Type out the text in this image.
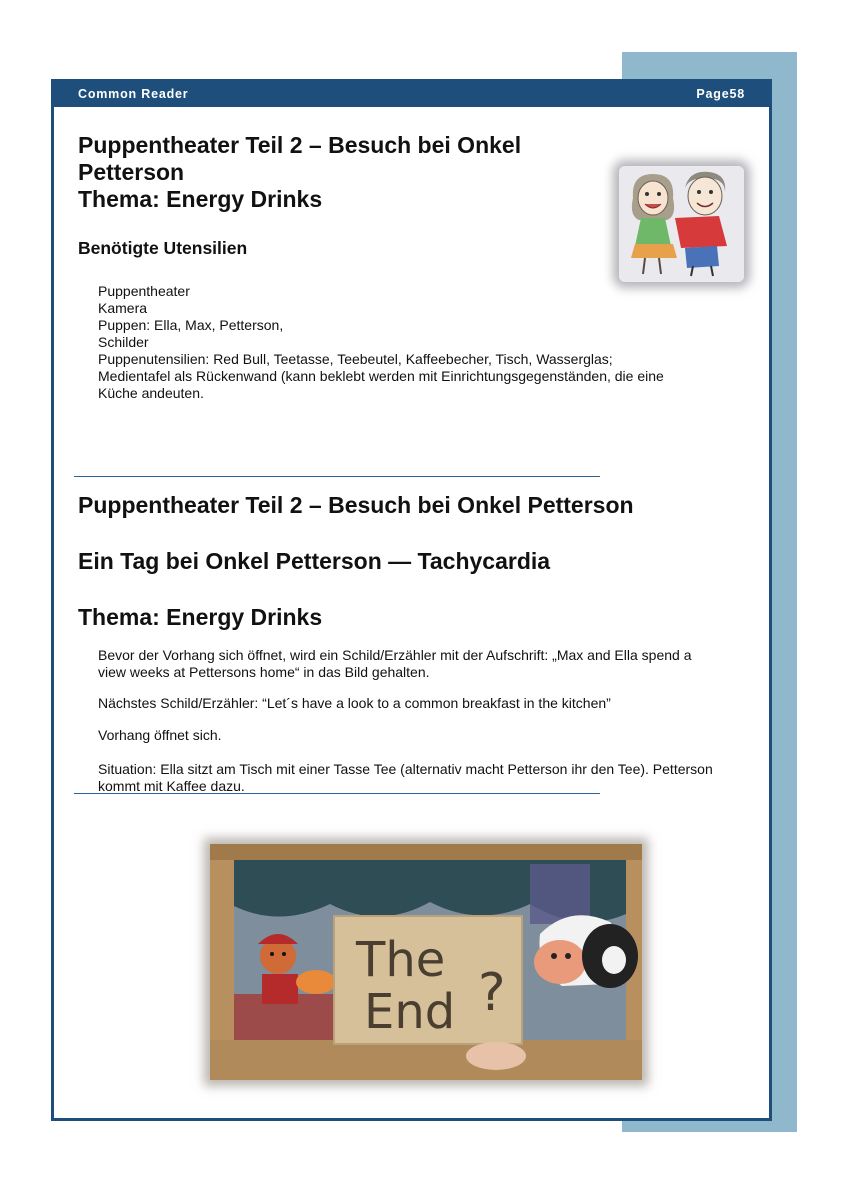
Common Reader	Page58
Puppentheater Teil 2 – Besuch bei Onkel
Petterson
Thema: Energy Drinks
Benötigte Utensilien
Puppentheater
Kamera
Puppen: Ella, Max, Petterson,
Schilder
Puppenutensilien: Red Bull, Teetasse, Teebeutel, Kaffeebecher, Tisch, Wasserglas;
Medientafel als Rückenwand (kann beklebt werden mit Einrichtungsgegenständen, die eine
Küche andeuten.
Puppentheater Teil 2 – Besuch bei Onkel Petterson
Ein Tag bei Onkel Petterson — Tachycardia
Thema: Energy Drinks
Bevor der Vorhang sich öffnet, wird ein Schild/Erzähler mit der Aufschrift: „Max and Ella spend a view weeks at Pettersons home“ in das Bild gehalten.
Nächstes Schild/Erzähler: “Let´s have a look to a common breakfast in the kitchen”
Vorhang öffnet sich.
Situation: Ella sitzt am Tisch mit einer Tasse Tee (alternativ macht Petterson ihr den Tee). Petterson kommt mit Kaffee dazu.
The
End ?
